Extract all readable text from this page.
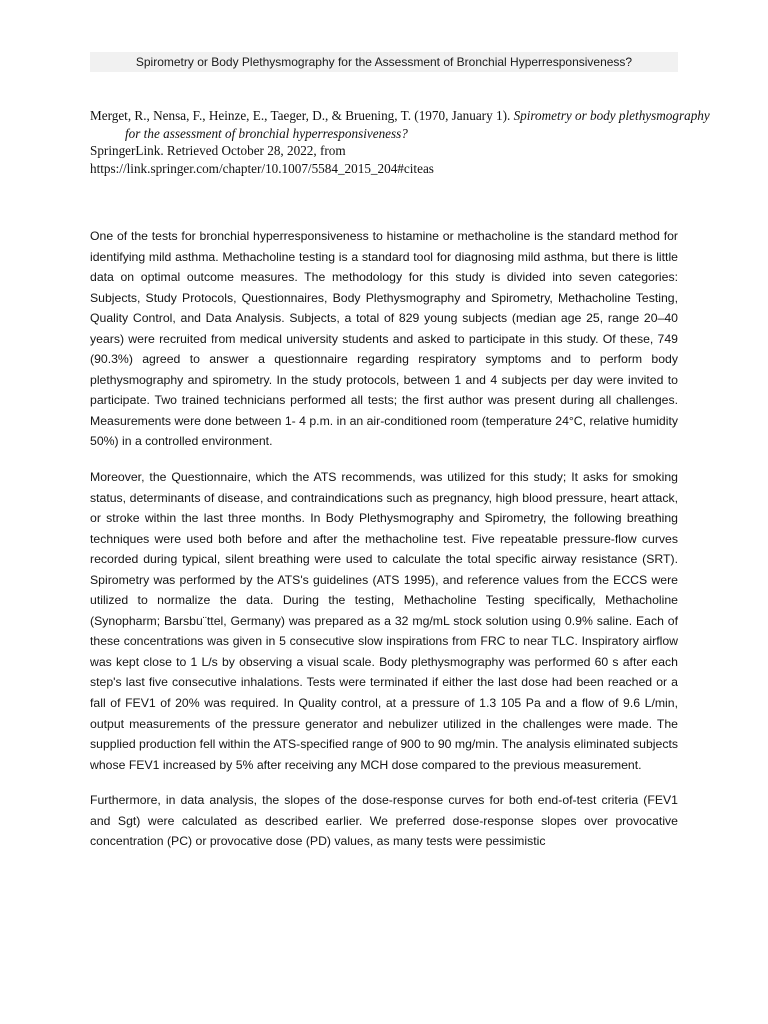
Spirometry or Body Plethysmography for the Assessment of Bronchial Hyperresponsiveness?
Merget, R., Nensa, F., Heinze, E., Taeger, D., & Bruening, T. (1970, January 1). Spirometry or body plethysmography for the assessment of bronchial hyperresponsiveness?
SpringerLink. Retrieved October 28, 2022, from
https://link.springer.com/chapter/10.1007/5584_2015_204#citeas

One of the tests for bronchial hyperresponsiveness to histamine or methacholine is the standard method for identifying mild asthma. Methacholine testing is a standard tool for diagnosing mild asthma, but there is little data on optimal outcome measures. The methodology for this study is divided into seven categories: Subjects, Study Protocols, Questionnaires, Body Plethysmography and Spirometry, Methacholine Testing, Quality Control, and Data Analysis. Subjects, a total of 829 young subjects (median age 25, range 20–40 years) were recruited from medical university students and asked to participate in this study. Of these, 749 (90.3%) agreed to answer a questionnaire regarding respiratory symptoms and to perform body plethysmography and spirometry. In the study protocols, between 1 and 4 subjects per day were invited to participate. Two trained technicians performed all tests; the first author was present during all challenges. Measurements were done between 1- 4 p.m. in an air-conditioned room (temperature 24°C, relative humidity 50%) in a controlled environment.

Moreover, the Questionnaire, which the ATS recommends, was utilized for this study; It asks for smoking status, determinants of disease, and contraindications such as pregnancy, high blood pressure, heart attack, or stroke within the last three months. In Body Plethysmography and Spirometry, the following breathing techniques were used both before and after the methacholine test. Five repeatable pressure-flow curves recorded during typical, silent breathing were used to calculate the total specific airway resistance (SRT). Spirometry was performed by the ATS's guidelines (ATS 1995), and reference values from the ECCS were utilized to normalize the data. During the testing, Methacholine Testing specifically, Methacholine (Synopharm; Barsbu¨ttel, Germany) was prepared as a 32 mg/mL stock solution using 0.9% saline. Each of these concentrations was given in 5 consecutive slow inspirations from FRC to near TLC. Inspiratory airflow was kept close to 1 L/s by observing a visual scale. Body plethysmography was performed 60 s after each step's last five consecutive inhalations. Tests were terminated if either the last dose had been reached or a fall of FEV1 of 20% was required. In Quality control, at a pressure of 1.3 105 Pa and a flow of 9.6 L/min, output measurements of the pressure generator and nebulizer utilized in the challenges were made. The supplied production fell within the ATS-specified range of 900 to 90 mg/min. The analysis eliminated subjects whose FEV1 increased by 5% after receiving any MCH dose compared to the previous measurement.

Furthermore, in data analysis, the slopes of the dose-response curves for both end-of-test criteria (FEV1 and Sgt) were calculated as described earlier. We preferred dose-response slopes over provocative concentration (PC) or provocative dose (PD) values, as many tests were pessimistic
